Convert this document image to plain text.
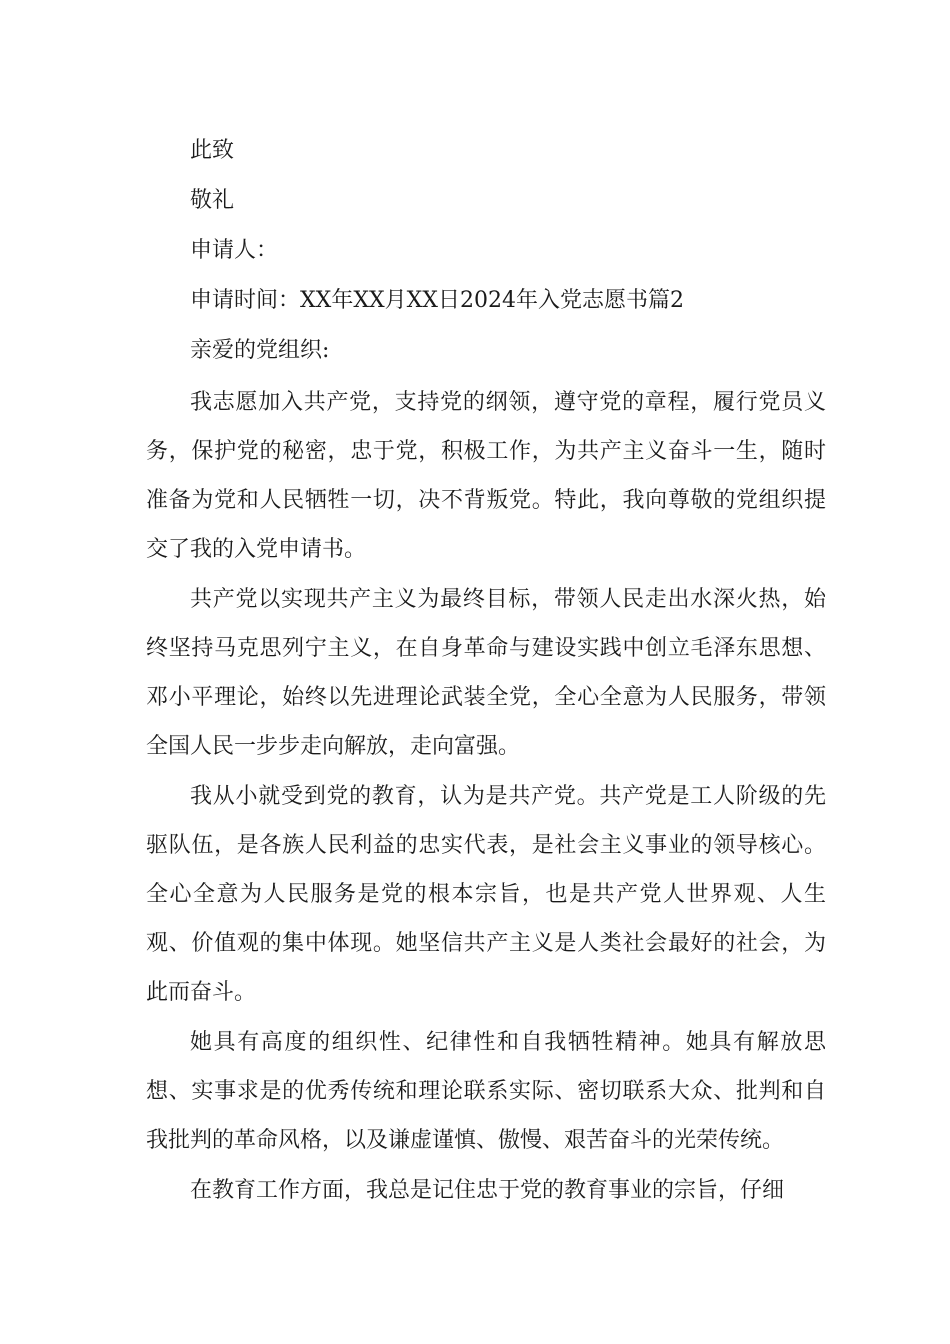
此致
敬礼
申请人：
申请时间：XX年XX月XX日2024年入党志愿书篇2
亲爱的党组织:

我志愿加入共产党，支持党的纲领，遵守党的章程，履行党员义务，保护党的秘密，忠于党，积极工作，为共产主义奋斗一生，随时准备为党和人民牺牲一切，决不背叛党。特此，我向尊敬的党组织提交了我的入党申请书。

共产党以实现共产主义为最终目标，带领人民走出水深火热，始终坚持马克思列宁主义，在自身革命与建设实践中创立毛泽东思想、邓小平理论，始终以先进理论武装全党，全心全意为人民服务，带领全国人民一步步走向解放，走向富强。

我从小就受到党的教育，认为是共产党。共产党是工人阶级的先驱队伍，是各族人民利益的忠实代表，是社会主义事业的领导核心。全心全意为人民服务是党的根本宗旨，也是共产党人世界观、人生观、价值观的集中体现。她坚信共产主义是人类社会最好的社会，为此而奋斗。

她具有高度的组织性、纪律性和自我牺牲精神。她具有解放思想、实事求是的优秀传统和理论联系实际、密切联系大众、批判和自我批判的革命风格，以及谦虚谨慎、傲慢、艰苦奋斗的光荣传统。

在教育工作方面，我总是记住忠于党的教育事业的宗旨，仔细
